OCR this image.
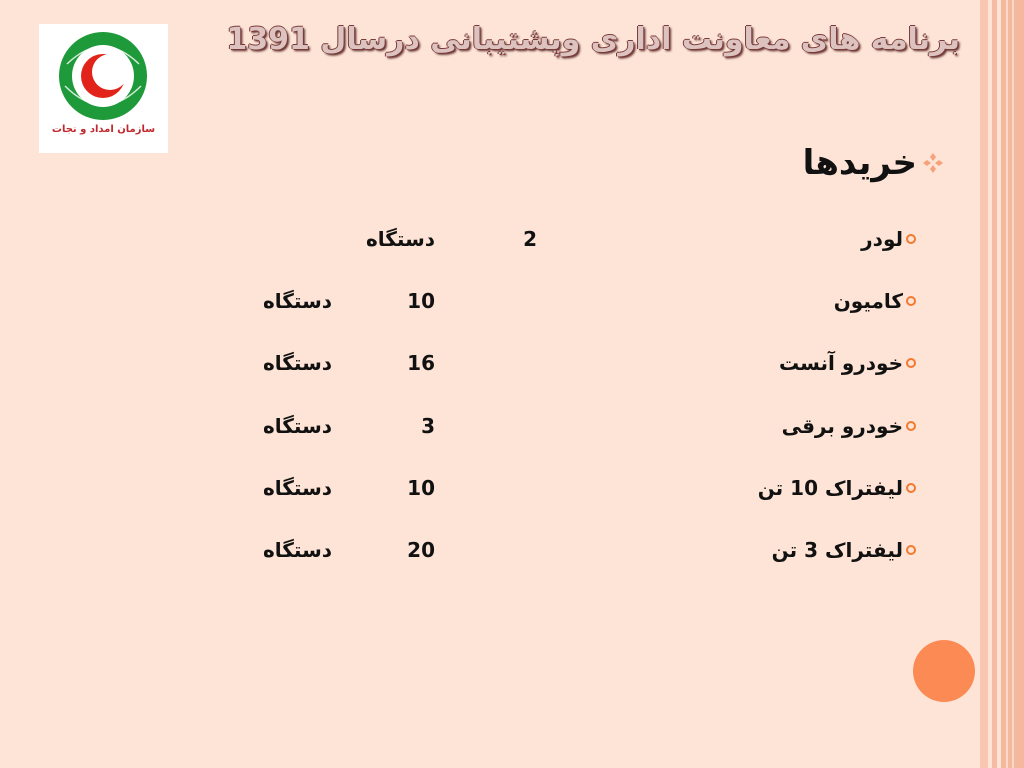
سازمان امداد و نجات
برنامه های معاونت اداری وپشتیبانی درسال 1391
خریدها
لودر
2
دستگاه
کامیون
10
دستگاه
خودرو آنست
16
دستگاه
خودرو برقی
3
دستگاه
لیفتراک 10 تن
10
دستگاه
لیفتراک 3 تن
20
دستگاه
